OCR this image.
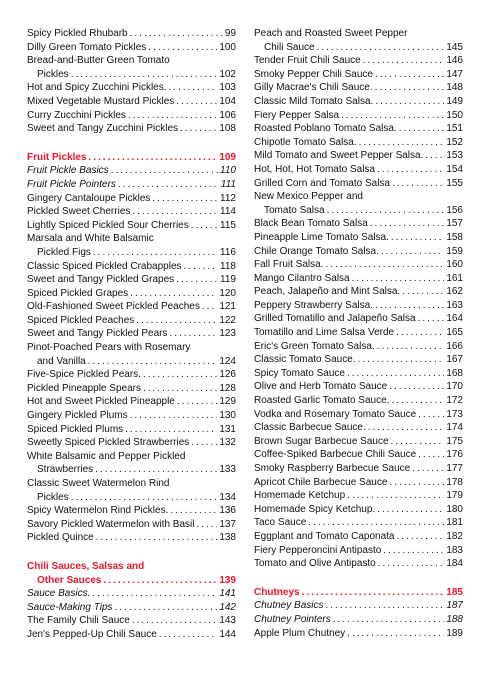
Spicy Pickled Rhubarb .....	99
Dilly Green Tomato Pickles .....	100
Bread-and-Butter Green Tomato
Pickles .....	102
Hot and Spicy Zucchini Pickles. .....	103
Mixed Vegetable Mustard Pickles .....	104
Curry Zucchini Pickles .....	106
Sweet and Tangy Zucchini Pickles .....	108
Fruit Pickles .....	109
Fruit Pickle Basics .....	110
Fruit Pickle Pointers .....	111
Gingery Cantaloupe Pickles .....	112
Pickled Sweet Cherries .....	114
Lightly Spiced Pickled Sour Cherries .....	115
Marsala and White Balsamic
Pickled Figs .....	116
Classic Spiced Pickled Crabapples .....	118
Sweet and Tangy Pickled Grapes .....	119
Spiced Pickled Grapes .....	120
Old-Fashioned Sweet Pickled Peaches ..... 121
Spiced Pickled Peaches .....	122
Sweet and Tangy Pickled Pears .....	123
Pinot-Poached Pears with Rosemary
and Vanilla .....	124
Five-Spice Pickled Pears. .....	126
Pickled Pineapple Spears .....	128
Hot and Sweet Pickled Pineapple .....	129
Gingery Pickled Plums .....	130
Spiced Pickled Plums .....	131
Sweetly Spiced Pickled Strawberries .....	132
White Balsamic and Pepper Pickled
Strawberries .....	133
Classic Sweet Watermelon Rind
Pickles .....	134
Spicy Watermelon Rind Pickles. .....	136
Savory Pickled Watermelon with Basil ..... 137
Pickled Quince .....	138
Chili Sauces, Salsas and
Other Sauces .....	139
Sauce Basics. .....	141
Sauce-Making Tips .....	142
The Family Chili Sauce .....	143
Jen's Pepped-Up Chili Sauce .....	144
Peach and Roasted Sweet Pepper
Chili Sauce .....	145
Tender Fruit Chili Sauce .....	146
Smoky Pepper Chili Sauce .....	147
Gilly Macrae's Chili Sauce. .....	148
Classic Mild Tomato Salsa. .....	149
Fiery Pepper Salsa .....	150
Roasted Poblano Tomato Salsa. .....	151
Chipotle Tomato Salsa. .....	152
Mild Tomato and Sweet Pepper Salsa. ..... 153
Hot, Hot, Hot Tomato Salsa .....	154
Grilled Corn and Tomato Salsa .....	155
New Mexico Pepper and
Tomato Salsa .....	156
Black Bean Tomato Salsa .....	157
Pineapple Lime Tomato Salsa. .....	158
Chile Orange Tomato Salsa. .....	159
Fall Fruit Salsa. .....	160
Mango Cilantro Salsa .....	161
Peach, Jalapeño and Mint Salsa. .....	162
Peppery Strawberry Salsa. .....	163
Grilled Tomatillo and Jalapeño Salsa .....	164
Tomatillo and Lime Salsa Verde .....	165
Eric's Green Tomato Salsa. .....	166
Classic Tomato Sauce. .....	167
Spicy Tomato Sauce .....	168
Olive and Herb Tomato Sauce .....	170
Roasted Garlic Tomato Sauce. .....	172
Vodka and Rosemary Tomato Sauce .....	173
Classic Barbecue Sauce. .....	174
Brown Sugar Barbecue Sauce .....	175
Coffee-Spiked Barbecue Chili Sauce .....	176
Smoky Raspberry Barbecue Sauce .....	177
Apricot Chile Barbecue Sauce .....	178
Homemade Ketchup .....	179
Homemade Spicy Ketchup. .....	180
Taco Sauce .....	181
Eggplant and Tomato Caponata .....	182
Fiery Pepperoncini Antipasto .....	183
Tomato and Olive Antipasto .....	184
Chutneys .....	185
Chutney Basics .....	187
Chutney Pointers .....	188
Apple Plum Chutney .....	189
